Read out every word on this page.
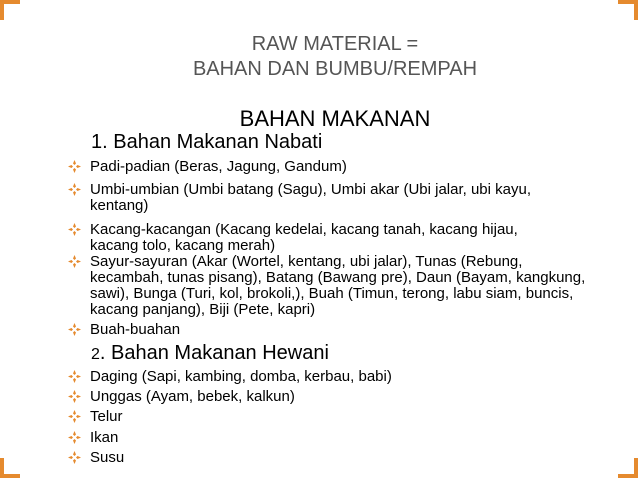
RAW MATERIAL =
BAHAN DAN BUMBU/REMPAH
BAHAN MAKANAN
1. Bahan Makanan Nabati
Padi-padian (Beras, Jagung, Gandum)
Umbi-umbian (Umbi batang (Sagu), Umbi akar (Ubi jalar, ubi kayu, kentang)
Kacang-kacangan (Kacang kedelai, kacang tanah, kacang hijau, kacang tolo, kacang merah)
Sayur-sayuran (Akar (Wortel, kentang, ubi jalar), Tunas (Rebung, kecambah, tunas pisang), Batang (Bawang pre), Daun (Bayam, kangkung, sawi), Bunga (Turi, kol, brokoli,), Buah (Timun, terong, labu siam, buncis, kacang panjang), Biji (Pete, kapri)
Buah-buahan
2. Bahan Makanan Hewani
Daging (Sapi, kambing, domba, kerbau, babi)
Unggas (Ayam, bebek, kalkun)
Telur
Ikan
Susu
